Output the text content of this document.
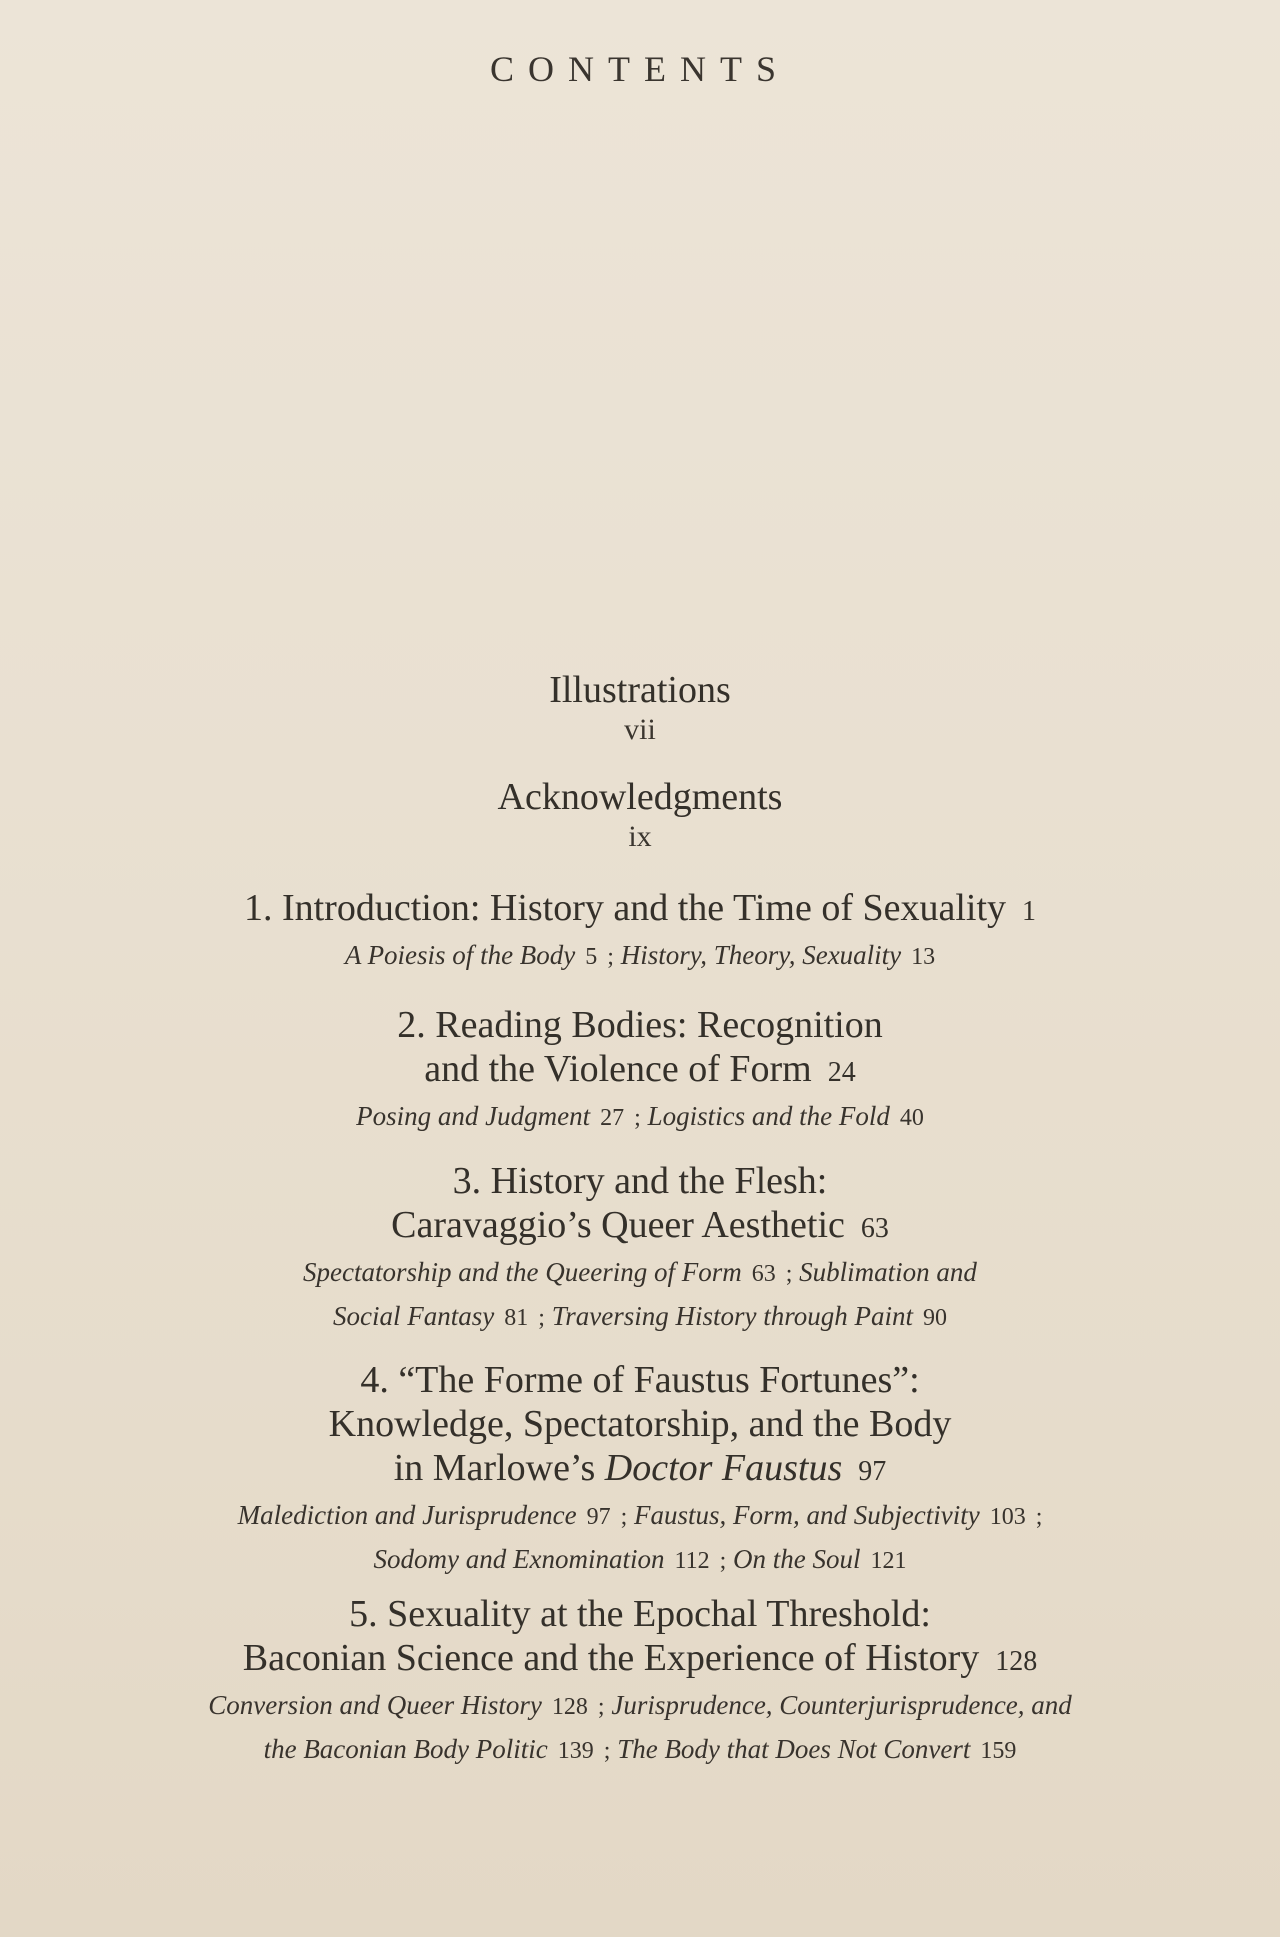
CONTENTS
Illustrations
vii
Acknowledgments
ix
1. Introduction: History and the Time of Sexuality 1
A Poiesis of the Body 5 ; History, Theory, Sexuality 13
2. Reading Bodies: Recognition
and the Violence of Form 24
Posing and Judgment 27 ; Logistics and the Fold 40
3. History and the Flesh:
Caravaggio’s Queer Aesthetic 63
Spectatorship and the Queering of Form 63 ; Sublimation and
Social Fantasy 81 ; Traversing History through Paint 90
4. “The Forme of Faustus Fortunes”:
Knowledge, Spectatorship, and the Body
in Marlowe’s Doctor Faustus 97
Malediction and Jurisprudence 97 ; Faustus, Form, and Subjectivity 103 ;
Sodomy and Exnomination 112 ; On the Soul 121
5. Sexuality at the Epochal Threshold:
Baconian Science and the Experience of History 128
Conversion and Queer History 128 ; Jurisprudence, Counterjurisprudence, and
the Baconian Body Politic 139 ; The Body that Does Not Convert 159
